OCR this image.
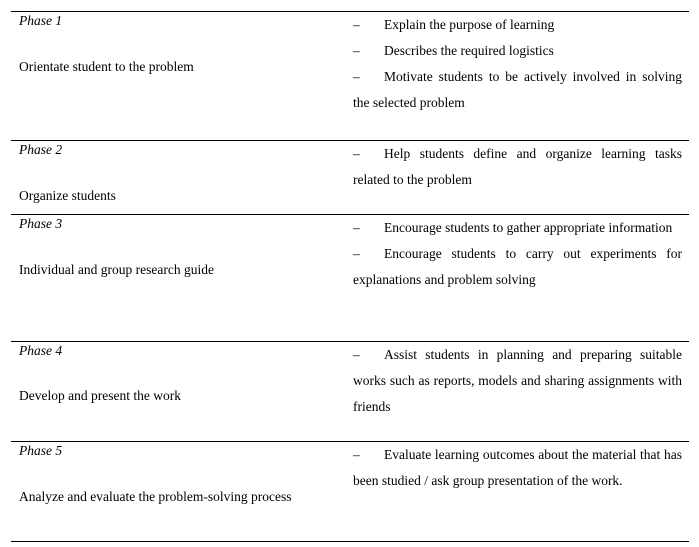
Phase 1
Orientate student to the problem
– Explain the purpose of learning
– Describes the required logistics
– Motivate students to be actively involved in solving the selected problem
Phase 2
Organize students
– Help students define and organize learning tasks related to the problem
Phase 3
Individual and group research guide
– Encourage students to gather appropriate information
– Encourage students to carry out experiments for explanations and problem solving
Phase 4
Develop and present the work
– Assist students in planning and preparing suitable works such as reports, models and sharing assignments with friends
Phase 5
Analyze and evaluate the problem-solving process
– Evaluate learning outcomes about the material that has been studied / ask group presentation of the work.
